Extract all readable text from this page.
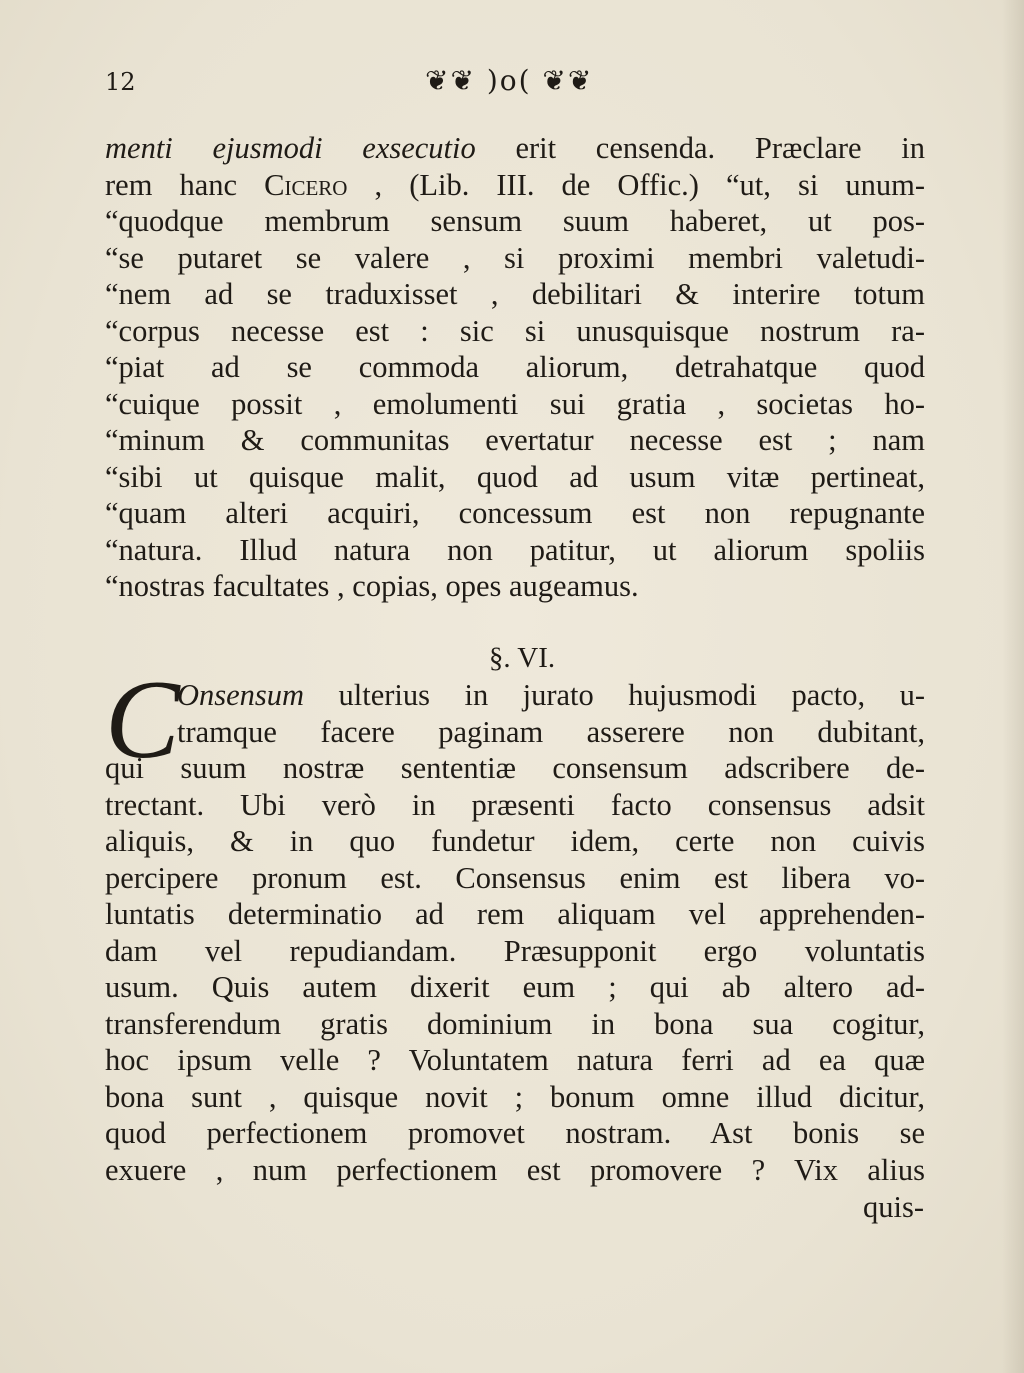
12	❦❦ )o( ❦❦
menti ejusmodi exsecutio erit censenda. Præclare in
rem hanc Cicero , (Lib. III. de Offic.) “ut, si unum-
“quodque membrum sensum suum haberet, ut pos-
“se putaret se valere , si proximi membri valetudi-
“nem ad se traduxisset , debilitari & interire totum
“corpus necesse est : sic si unusquisque nostrum ra-
“piat ad se commoda aliorum, detrahatque quod
“cuique possit , emolumenti sui gratia , societas ho-
“minum & communitas evertatur necesse est ; nam
“sibi ut quisque malit, quod ad usum vitæ pertineat,
“quam alteri acquiri, concessum est non repugnante
“natura. Illud natura non patitur, ut aliorum spoliis
“nostras facultates , copias, opes augeamus.
§. VI.
C
Onsensum ulterius in jurato hujusmodi pacto, u-
tramque facere paginam asserere non dubitant,
qui suum nostræ sententiæ consensum adscribere de-
trectant. Ubi verò in præsenti facto consensus adsit
aliquis, & in quo fundetur idem, certe non cuivis
percipere pronum est. Consensus enim est libera vo-
luntatis determinatio ad rem aliquam vel apprehenden-
dam vel repudiandam. Præsupponit ergo voluntatis
usum. Quis autem dixerit eum ; qui ab altero ad-
transferendum gratis dominium in bona sua cogitur,
hoc ipsum velle ? Voluntatem natura ferri ad ea quæ
bona sunt , quisque novit ; bonum omne illud dicitur,
quod perfectionem promovet nostram. Ast bonis se
exuere , num perfectionem est promovere ? Vix alius
quis-
